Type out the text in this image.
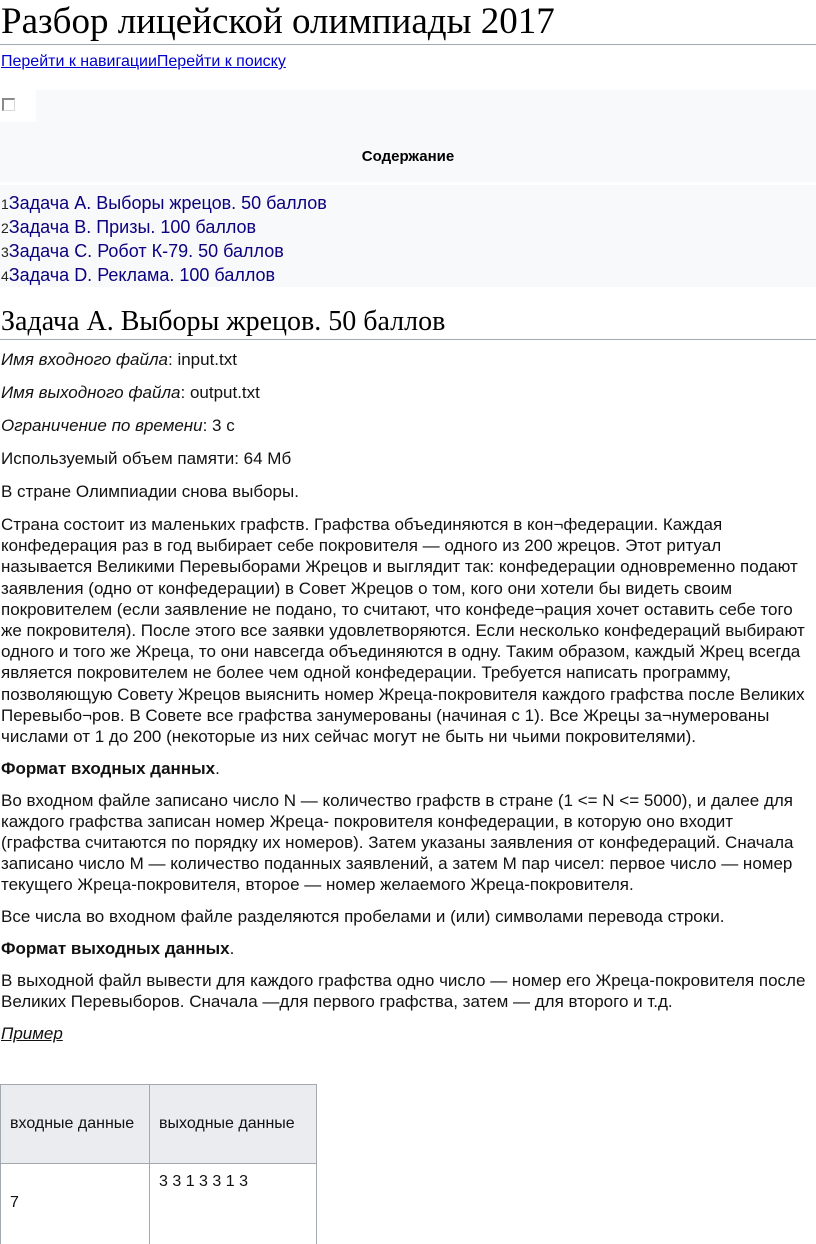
Разбор лицейской олимпиады 2017
Перейти к навигацииПерейти к поиску
Содержание
1Задача A. Выборы жрецов. 50 баллов
2Задача B. Призы. 100 баллов
3Задача C. Робот К-79. 50 баллов
4Задача D. Реклама. 100 баллов
Задача A. Выборы жрецов. 50 баллов

Имя входного файла: input.txt

Имя выходного файла: output.txt

Ограничение по времени: 3 с

Используемый объем памяти: 64 Мб

В стране Олимпиадии снова выборы.

Страна состоит из маленьких графств. Графства объединяются в кон¬федерации. Каждая конфедерация раз в год выбирает себе покровителя — одного из 200 жрецов. Этот ритуал называется Великими Перевыборами Жрецов и выглядит так: конфедерации одновременно подают заявления (одно от конфедерации) в Совет Жрецов о том, кого они хотели бы видеть своим покровителем (если заявление не подано, то считают, что конфеде¬рация хочет оставить себе того же покровителя). После этого все заявки удовлетворяются. Если несколько конфедераций выбирают одного и того же Жреца, то они навсегда объединяются в одну. Таким образом, каждый Жрец всегда является покровителем не более чем одной конфедерации. Требуется написать программу, позволяющую Совету Жрецов выяснить номер Жреца-покровителя каждого графства после Великих Перевыбо¬ров. В Совете все графства занумерованы (начиная с 1). Все Жрецы за¬нумерованы числами от 1 до 200 (некоторые из них сейчас могут не быть ни чьими покровителями).

Формат входных данных.

Во входном файле записано число N — количество графств в стране (1 <= N <= 5000), и далее для каждого графства записан номер Жреца- покровителя конфедерации, в которую оно входит (графства считаются по порядку их номеров). Затем указаны заявления от конфедераций. Сначала записано число M — количество поданных заявлений, а затем M пар чисел: первое число — номер текущего Жреца-покровителя, второе — номер желаемого Жреца-покровителя.

Все числа во входном файле разделяются пробелами и (или) символами перевода строки.

Формат выходных данных.

В выходной файл вывести для каждого графства одно число — номер его Жреца-покровителя после Великих Перевыборов. Сначала —для первого графства, затем — для второго и т.д.

Пример

входные данные	выходные данные
7	3 3 1 3 3 1 3
